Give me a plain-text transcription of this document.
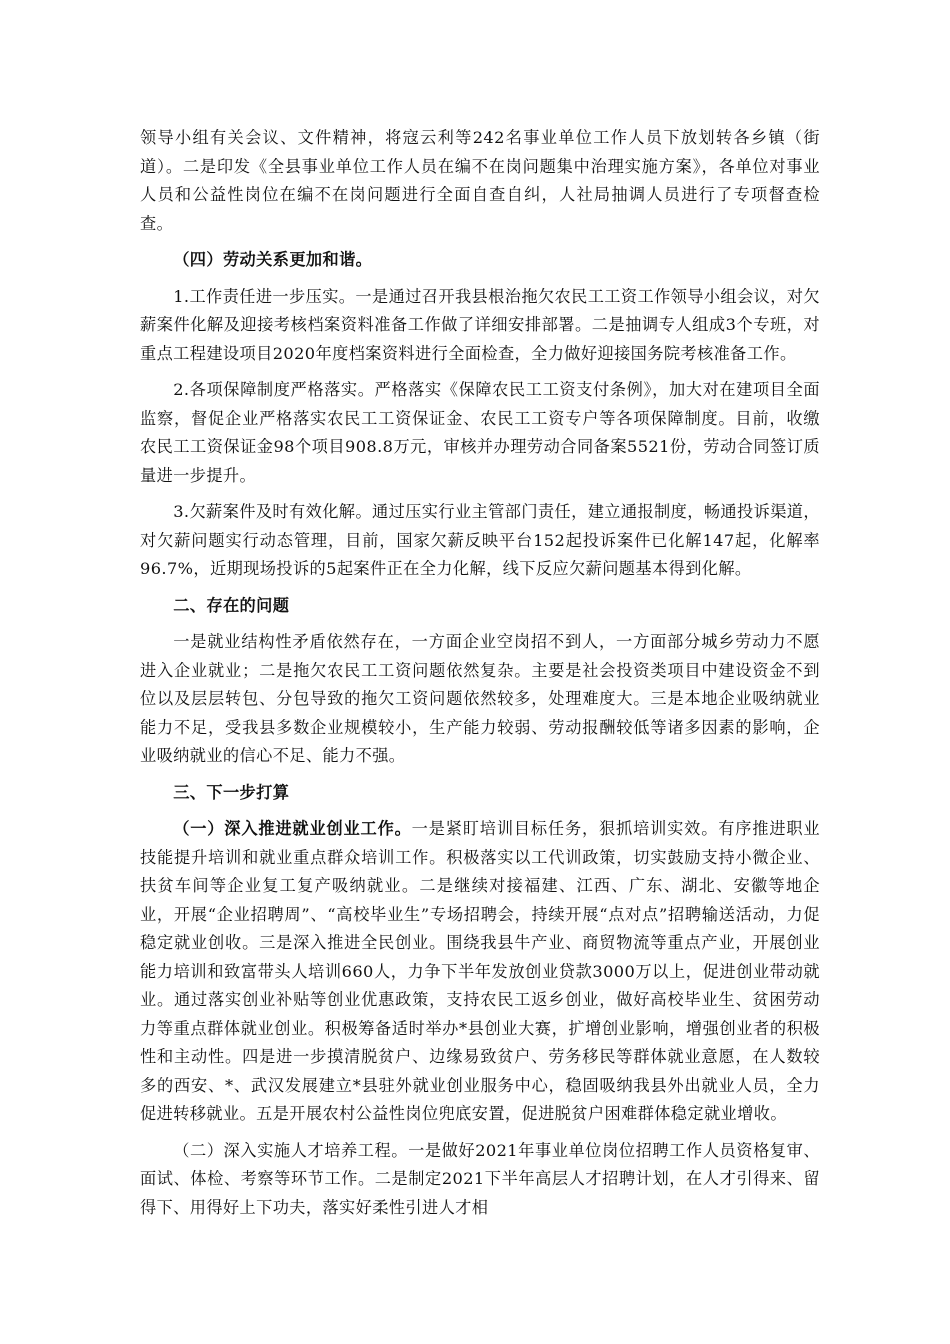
领导小组有关会议、文件精神，将寇云利等242名事业单位工作人员下放划转各乡镇（街道）。二是印发《全县事业单位工作人员在编不在岗问题集中治理实施方案》，各单位对事业人员和公益性岗位在编不在岗问题进行全面自查自纠，人社局抽调人员进行了专项督查检查。

（四）劳动关系更加和谐。

1.工作责任进一步压实。一是通过召开我县根治拖欠农民工工资工作领导小组会议，对欠薪案件化解及迎接考核档案资料准备工作做了详细安排部署。二是抽调专人组成3个专班，对重点工程建设项目2020年度档案资料进行全面检查，全力做好迎接国务院考核准备工作。

2.各项保障制度严格落实。严格落实《保障农民工工资支付条例》，加大对在建项目全面监察，督促企业严格落实农民工工资保证金、农民工工资专户等各项保障制度。目前，收缴农民工工资保证金98个项目908.8万元，审核并办理劳动合同备案5521份，劳动合同签订质量进一步提升。

3.欠薪案件及时有效化解。通过压实行业主管部门责任，建立通报制度，畅通投诉渠道，对欠薪问题实行动态管理，目前，国家欠薪反映平台152起投诉案件已化解147起，化解率96.7%，近期现场投诉的5起案件正在全力化解，线下反应欠薪问题基本得到化解。

二、存在的问题

一是就业结构性矛盾依然存在，一方面企业空岗招不到人，一方面部分城乡劳动力不愿进入企业就业；二是拖欠农民工工资问题依然复杂。主要是社会投资类项目中建设资金不到位以及层层转包、分包导致的拖欠工资问题依然较多，处理难度大。三是本地企业吸纳就业能力不足，受我县多数企业规模较小，生产能力较弱、劳动报酬较低等诸多因素的影响，企业吸纳就业的信心不足、能力不强。

三、下一步打算

（一）深入推进就业创业工作。一是紧盯培训目标任务，狠抓培训实效。有序推进职业技能提升培训和就业重点群众培训工作。积极落实以工代训政策，切实鼓励支持小微企业、扶贫车间等企业复工复产吸纳就业。二是继续对接福建、江西、广东、湖北、安徽等地企业，开展“企业招聘周”、“高校毕业生”专场招聘会，持续开展“点对点”招聘输送活动，力促稳定就业创收。三是深入推进全民创业。围绕我县牛产业、商贸物流等重点产业，开展创业能力培训和致富带头人培训660人，力争下半年发放创业贷款3000万以上，促进创业带动就业。通过落实创业补贴等创业优惠政策，支持农民工返乡创业，做好高校毕业生、贫困劳动力等重点群体就业创业。积极筹备适时举办*县创业大赛，扩增创业影响，增强创业者的积极性和主动性。四是进一步摸清脱贫户、边缘易致贫户、劳务移民等群体就业意愿，在人数较多的西安、*、武汉发展建立*县驻外就业创业服务中心，稳固吸纳我县外出就业人员，全力促进转移就业。五是开展农村公益性岗位兜底安置，促进脱贫户困难群体稳定就业增收。

（二）深入实施人才培养工程。一是做好2021年事业单位岗位招聘工作人员资格复审、面试、体检、考察等环节工作。二是制定2021下半年高层人才招聘计划，在人才引得来、留得下、用得好上下功夫，落实好柔性引进人才相
